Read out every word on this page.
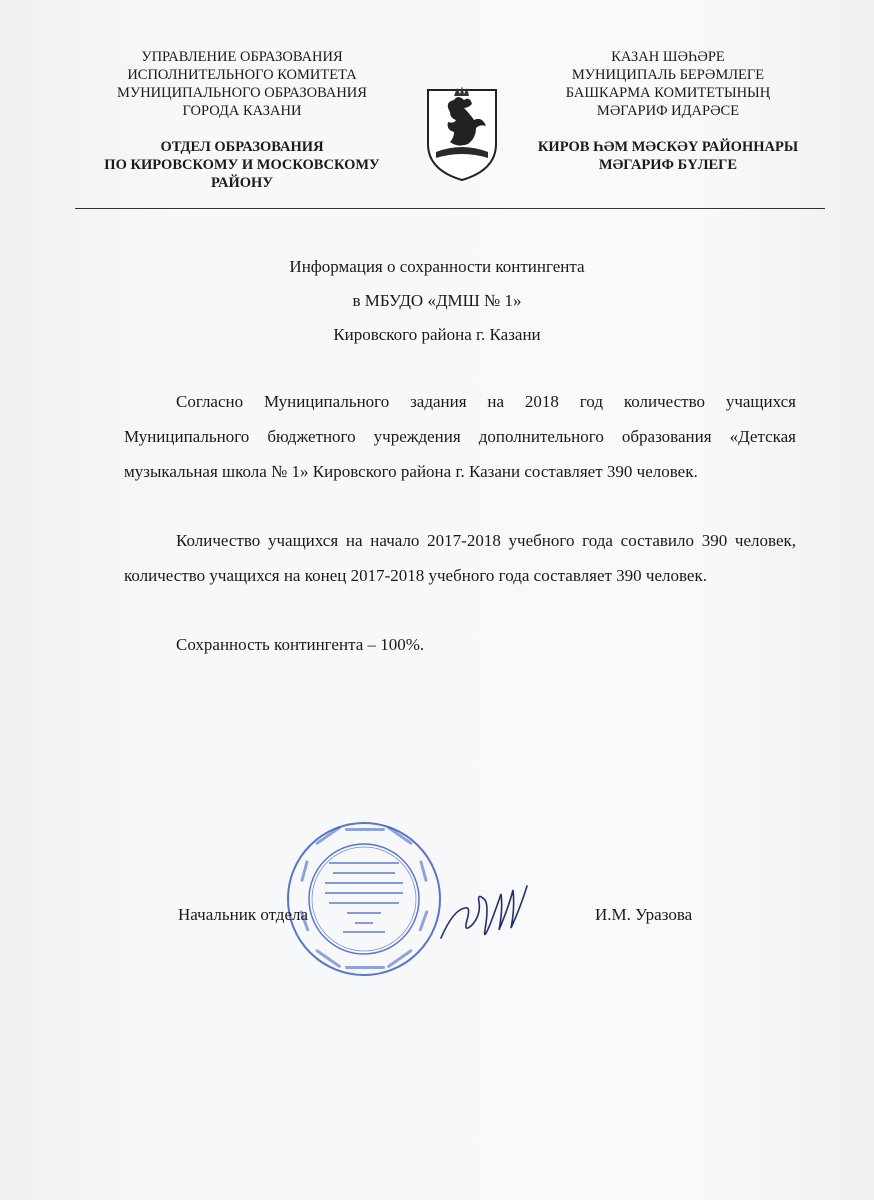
УПРАВЛЕНИЕ ОБРАЗОВАНИЯ
ИСПОЛНИТЕЛЬНОГО КОМИТЕТА
МУНИЦИПАЛЬНОГО ОБРАЗОВАНИЯ
ГОРОДА КАЗАНИ
ОТДЕЛ ОБРАЗОВАНИЯ
ПО КИРОВСКОМУ И МОСКОВСКОМУ
РАЙОНУ
КАЗАН ШӘҺӘРЕ
МУНИЦИПАЛЬ БЕРӘМЛЕГЕ
БАШКАРМА КОМИТЕТЫНЫҢ
МӘГАРИФ ИДАРӘСЕ
КИРОВ ҺӘМ МӘСКӘҮ РАЙОННАРЫ
МӘГАРИФ БҮЛЕГЕ
Информация о сохранности контингента
в МБУДО «ДМШ № 1»
Кировского района г. Казани
Согласно Муниципального задания на 2018 год количество учащихся Муниципального бюджетного учреждения дополнительного образования «Детская музыкальная школа № 1» Кировского района г. Казани составляет 390 человек.
Количество учащихся на начало 2017-2018 учебного года составило 390 человек, количество учащихся на конец 2017-2018 учебного года составляет 390 человек.
Сохранность контингента – 100%.
Начальник отдела	И.М. Уразова
